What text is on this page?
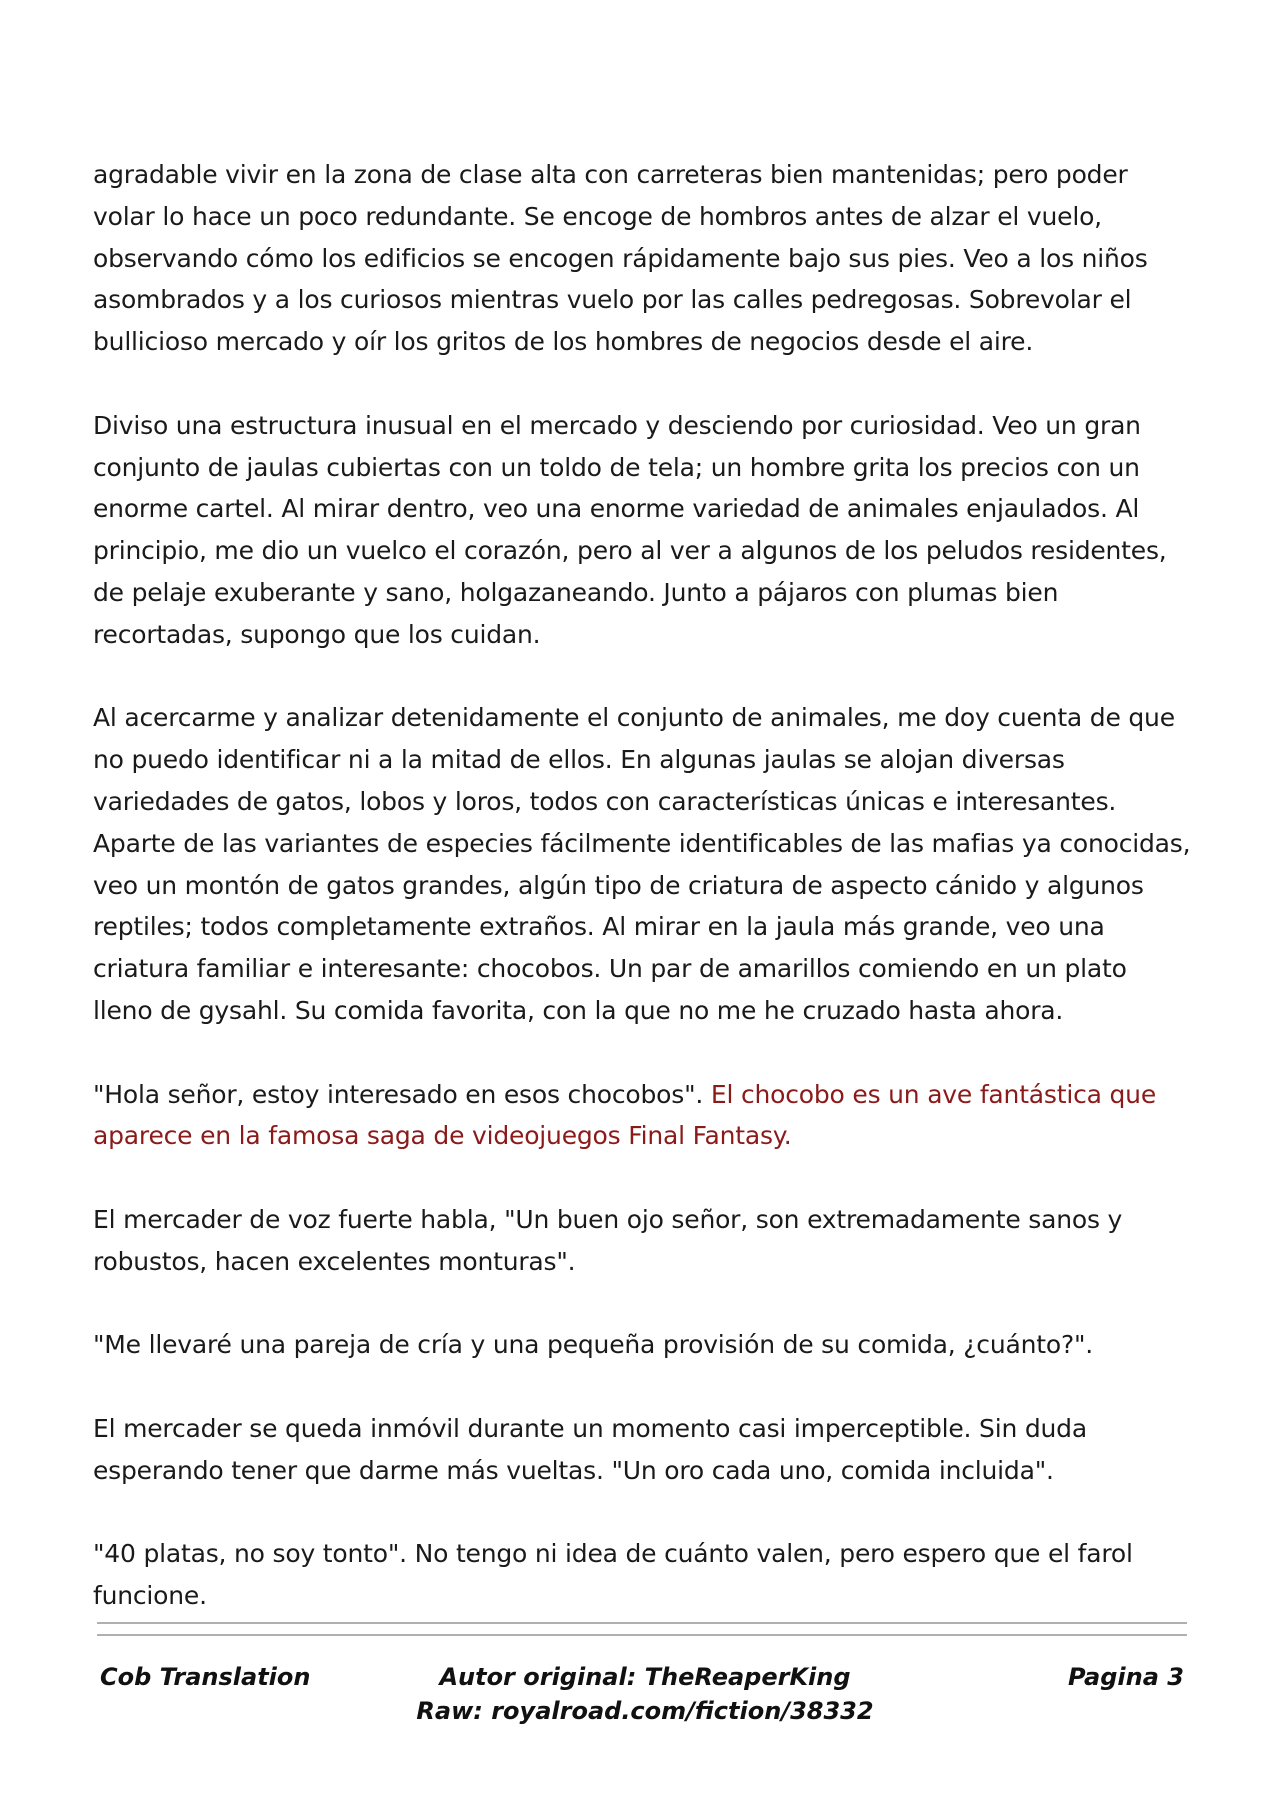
agradable vivir en la zona de clase alta con carreteras bien mantenidas; pero poder volar lo hace un poco redundante. Se encoge de hombros antes de alzar el vuelo, observando cómo los edificios se encogen rápidamente bajo sus pies. Veo a los niños asombrados y a los curiosos mientras vuelo por las calles pedregosas. Sobrevolar el bullicioso mercado y oír los gritos de los hombres de negocios desde el aire.

Diviso una estructura inusual en el mercado y desciendo por curiosidad. Veo un gran conjunto de jaulas cubiertas con un toldo de tela; un hombre grita los precios con un enorme cartel. Al mirar dentro, veo una enorme variedad de animales enjaulados. Al principio, me dio un vuelco el corazón, pero al ver a algunos de los peludos residentes, de pelaje exuberante y sano, holgazaneando. Junto a pájaros con plumas bien recortadas, supongo que los cuidan.

Al acercarme y analizar detenidamente el conjunto de animales, me doy cuenta de que no puedo identificar ni a la mitad de ellos. En algunas jaulas se alojan diversas variedades de gatos, lobos y loros, todos con características únicas e interesantes. Aparte de las variantes de especies fácilmente identificables de las mafias ya conocidas, veo un montón de gatos grandes, algún tipo de criatura de aspecto cánido y algunos reptiles; todos completamente extraños. Al mirar en la jaula más grande, veo una criatura familiar e interesante: chocobos. Un par de amarillos comiendo en un plato lleno de gysahl. Su comida favorita, con la que no me he cruzado hasta ahora.

"Hola señor, estoy interesado en esos chocobos". El chocobo es un ave fantástica que aparece en la famosa saga de videojuegos Final Fantasy.

El mercader de voz fuerte habla, "Un buen ojo señor, son extremadamente sanos y robustos, hacen excelentes monturas".

"Me llevaré una pareja de cría y una pequeña provisión de su comida, ¿cuánto?".

El mercader se queda inmóvil durante un momento casi imperceptible. Sin duda esperando tener que darme más vueltas. "Un oro cada uno, comida incluida".

"40 platas, no soy tonto". No tengo ni idea de cuánto valen, pero espero que el farol funcione.

Cob Translation	Autor original: TheReaperKing
Raw: royalroad.com/fiction/38332
Pagina 3
